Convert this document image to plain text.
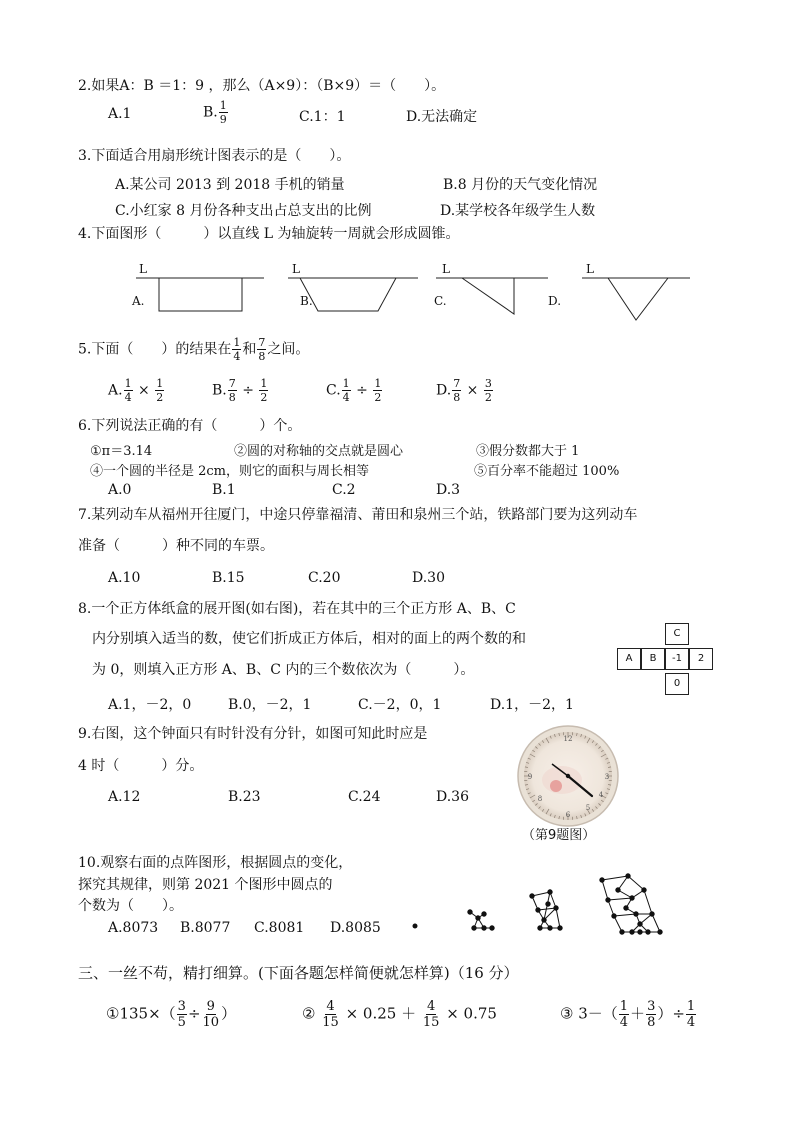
2.如果A：B ＝1：9 ，那么（A×9）：（B×9）＝（　　）。
A.1	B. $\frac{1}{9}$	C.1：1	D.无法确定
3.下面适合用扇形统计图表示的是（　　）。
A.某公司 2013 到 2018 手机的销量	B.8 月份的天气变化情况
C.小红家 8 月份各种支出占总支出的比例	D.某学校各年级学生人数
4.下面图形（　　　）以直线 L 为轴旋转一周就会形成圆锥。
L
A.
L
B.
L
C.
L
D.
5.下面（　　）的结果在 $\frac{1}{4}$ 和 $\frac{7}{8}$ 之间。
A. $\frac{1}{4} \times \frac{1}{2}$	B. $\frac{7}{8} \div \frac{1}{2}$	C. $\frac{1}{4} \div \frac{1}{2}$	D. $\frac{7}{8} \times \frac{3}{2}$
6.下列说法正确的有（　　　）个。
①π＝3.14	②圆的对称轴的交点就是圆心	③假分数都大于 1
④一个圆的半径是 2cm，则它的面积与周长相等	⑤百分率不能超过 100%
A.0	B.1	C.2	D.3
7.某列动车从福州开往厦门，中途只停靠福清、莆田和泉州三个站，铁路部门要为这列动车
准备（　　　）种不同的车票。
A.10	B.15	C.20	D.30
8.一个正方体纸盒的展开图(如右图)，若在其中的三个正方形 A、B、C
内分别填入适当的数，使它们折成正方体后，相对的面上的两个数的和
为 0，则填入正方形 A、B、C 内的三个数依次为（　　　）。
A.1，－2，0	B.0，－2，1	C.－2，0，1	D.1，－2，1
C
A	B	-1	2
0
9.右图，这个钟面只有时针没有分针，如图可知此时应是
4 时（　　　）分。
A.12	B.23	C.24	D.36
12
3
6
9
4
5
8
（第9题图）
10.观察右面的点阵图形，根据圆点的变化，
探究其规律，则第 2021 个图形中圆点的
个数为（　　）。
A.8073 B.8077 C.8081 D.8085
三、一丝不苟，精打细算。(下面各题怎样简便就怎样算)（16 分）
①135×（ $\frac{3}{5} \div \frac{9}{10}$ ）	② $\frac{4}{15} \times 0.25 + \frac{4}{15} \times 0.75$	③ $3-( \frac{1}{4} + \frac{3}{8}$ ）÷ $\frac{1}{4}$
